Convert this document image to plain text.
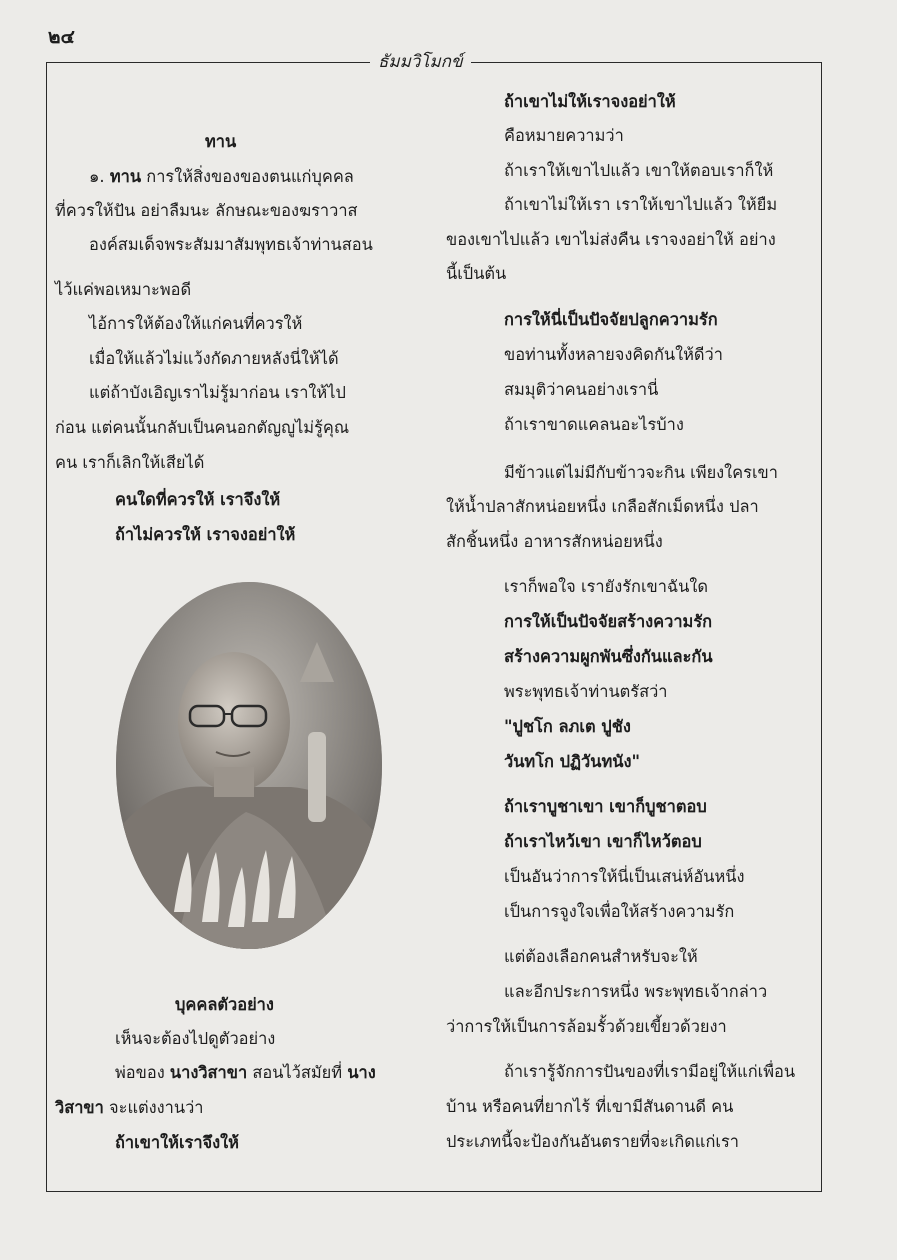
๒๔
ธัมมวิโมกข์
ทาน
๑. ทาน การให้สิ่งของของตนแก่บุคคล
ที่ควรให้ปัน อย่าลืมนะ ลักษณะของฆราวาส
องค์สมเด็จพระสัมมาสัมพุทธเจ้าท่านสอน
ไว้แค่พอเหมาะพอดี
ไอ้การให้ต้องให้แก่คนที่ควรให้
เมื่อให้แล้วไม่แว้งกัดภายหลังนี่ให้ได้
แต่ถ้าบังเอิญเราไม่รู้มาก่อน เราให้ไป
ก่อน แต่คนนั้นกลับเป็นคนอกตัญญูไม่รู้คุณ
คน เราก็เลิกให้เสียได้
คนใดที่ควรให้ เราจึงให้
ถ้าไม่ควรให้ เราจงอย่าให้
บุคคลตัวอย่าง
เห็นจะต้องไปดูตัวอย่าง
พ่อของ นางวิสาขา สอนไว้สมัยที่ นาง
วิสาขา จะแต่งงานว่า
ถ้าเขาให้เราจึงให้
ถ้าเขาไม่ให้เราจงอย่าให้
คือหมายความว่า
ถ้าเราให้เขาไปแล้ว เขาให้ตอบเราก็ให้
ถ้าเขาไม่ให้เรา เราให้เขาไปแล้ว ให้ยืม
ของเขาไปแล้ว เขาไม่ส่งคืน เราจงอย่าให้ อย่าง
นี้เป็นต้น
การให้นี่เป็นปัจจัยปลูกความรัก
ขอท่านทั้งหลายจงคิดกันให้ดีว่า
สมมุติว่าคนอย่างเรานี่
ถ้าเราขาดแคลนอะไรบ้าง
มีข้าวแต่ไม่มีกับข้าวจะกิน เพียงใครเขา
ให้น้ำปลาสักหน่อยหนึ่ง เกลือสักเม็ดหนึ่ง ปลา
สักชิ้นหนึ่ง อาหารสักหน่อยหนึ่ง
เราก็พอใจ เรายังรักเขาฉันใด
การให้เป็นปัจจัยสร้างความรัก
สร้างความผูกพันซึ่งกันและกัน
พระพุทธเจ้าท่านตรัสว่า
"ปูชโก ลภเต ปูชัง
วันทโก ปฏิวันทนัง"
ถ้าเราบูชาเขา เขาก็บูชาตอบ
ถ้าเราไหว้เขา เขาก็ไหว้ตอบ
เป็นอันว่าการให้นี่เป็นเสน่ห์อันหนึ่ง
เป็นการจูงใจเพื่อให้สร้างความรัก
แต่ต้องเลือกคนสำหรับจะให้
และอีกประการหนึ่ง พระพุทธเจ้ากล่าว
ว่าการให้เป็นการล้อมรั้วด้วยเขี้ยวด้วยงา
ถ้าเรารู้จักการปันของที่เรามีอยู่ให้แก่เพื่อน
บ้าน หรือคนที่ยากไร้ ที่เขามีสันดานดี คน
ประเภทนี้จะป้องกันอันตรายที่จะเกิดแก่เรา
